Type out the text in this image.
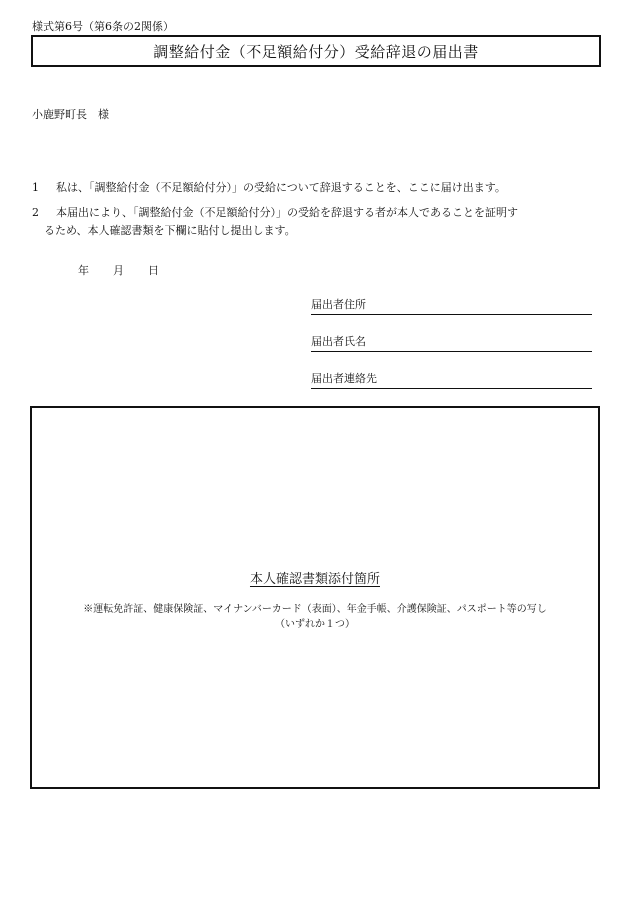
様式第6号（第6条の2関係）
調整給付金（不足額給付分）受給辞退の届出書
小鹿野町長　様
1 私は、「調整給付金（不足額給付分）」の受給について辞退することを、ここに届け出ます。
2 本届出により、「調整給付金（不足額給付分）」の受給を辞退する者が本人であることを証明す
るため、本人確認書類を下欄に貼付し提出します。
年 月 日
届出者住所
届出者氏名
届出者連絡先
本人確認書類添付箇所
※運転免許証、健康保険証、マイナンバーカード（表面）、年金手帳、介護保険証、パスポート等の写し
（いずれか１つ）
